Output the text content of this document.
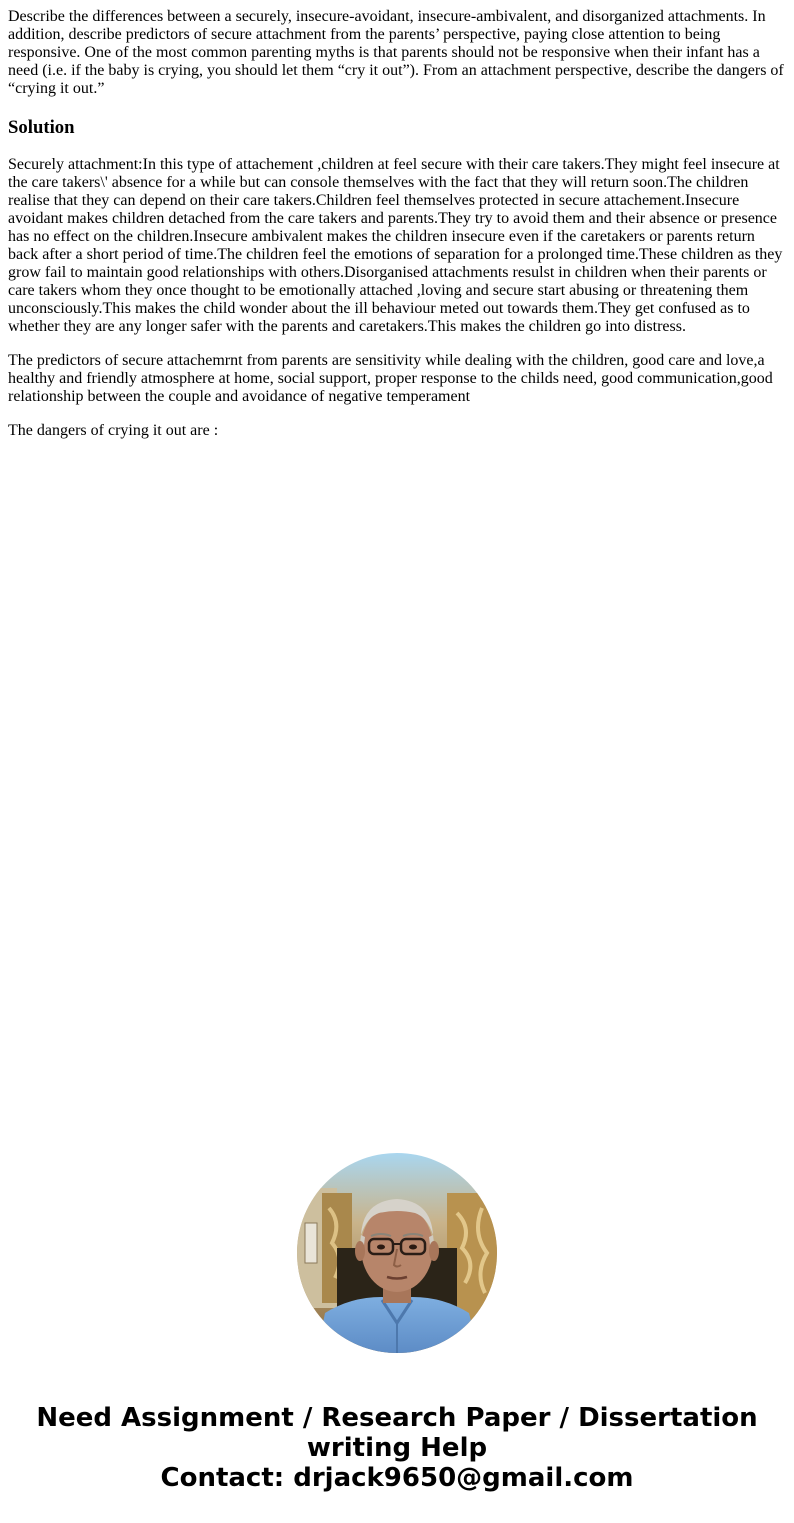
Describe the differences between a securely, insecure-avoidant, insecure-ambivalent, and disorganized attachments. In addition, describe predictors of secure attachment from the parents’ perspective, paying close attention to being responsive. One of the most common parenting myths is that parents should not be responsive when their infant has a need (i.e. if the baby is crying, you should let them “cry it out”). From an attachment perspective, describe the dangers of “crying it out.”

Solution

Securely attachment:In this type of attachement ,children at feel secure with their care takers.They might feel insecure at the care takers\' absence for a while but can console themselves with the fact that they will return soon.The children realise that they can depend on their care takers.Children feel themselves protected in secure attachement.Insecure avoidant makes children detached from the care takers and parents.They try to avoid them and their absence or presence has no effect on the children.Insecure ambivalent makes the children insecure even if the caretakers or parents return back after a short period of time.The children feel the emotions of separation for a prolonged time.These children as they grow fail to maintain good relationships with others.Disorganised attachments resulst in children when their parents or care takers whom they once thought to be emotionally attached ,loving and secure start abusing or threatening them unconsciously.This makes the child wonder about the ill behaviour meted out towards them.They get confused as to whether they are any longer safer with the parents and caretakers.This makes the children go into distress.

The predictors of secure attachemrnt from parents are sensitivity while dealing with the children, good care and love,a healthy and friendly atmosphere at home, social support, proper response to the childs need, good communication,good relationship between the couple and avoidance of negative temperament

The dangers of crying it out are :

Need Assignment / Research Paper / Dissertation
writing Help
Contact: drjack9650@gmail.com
